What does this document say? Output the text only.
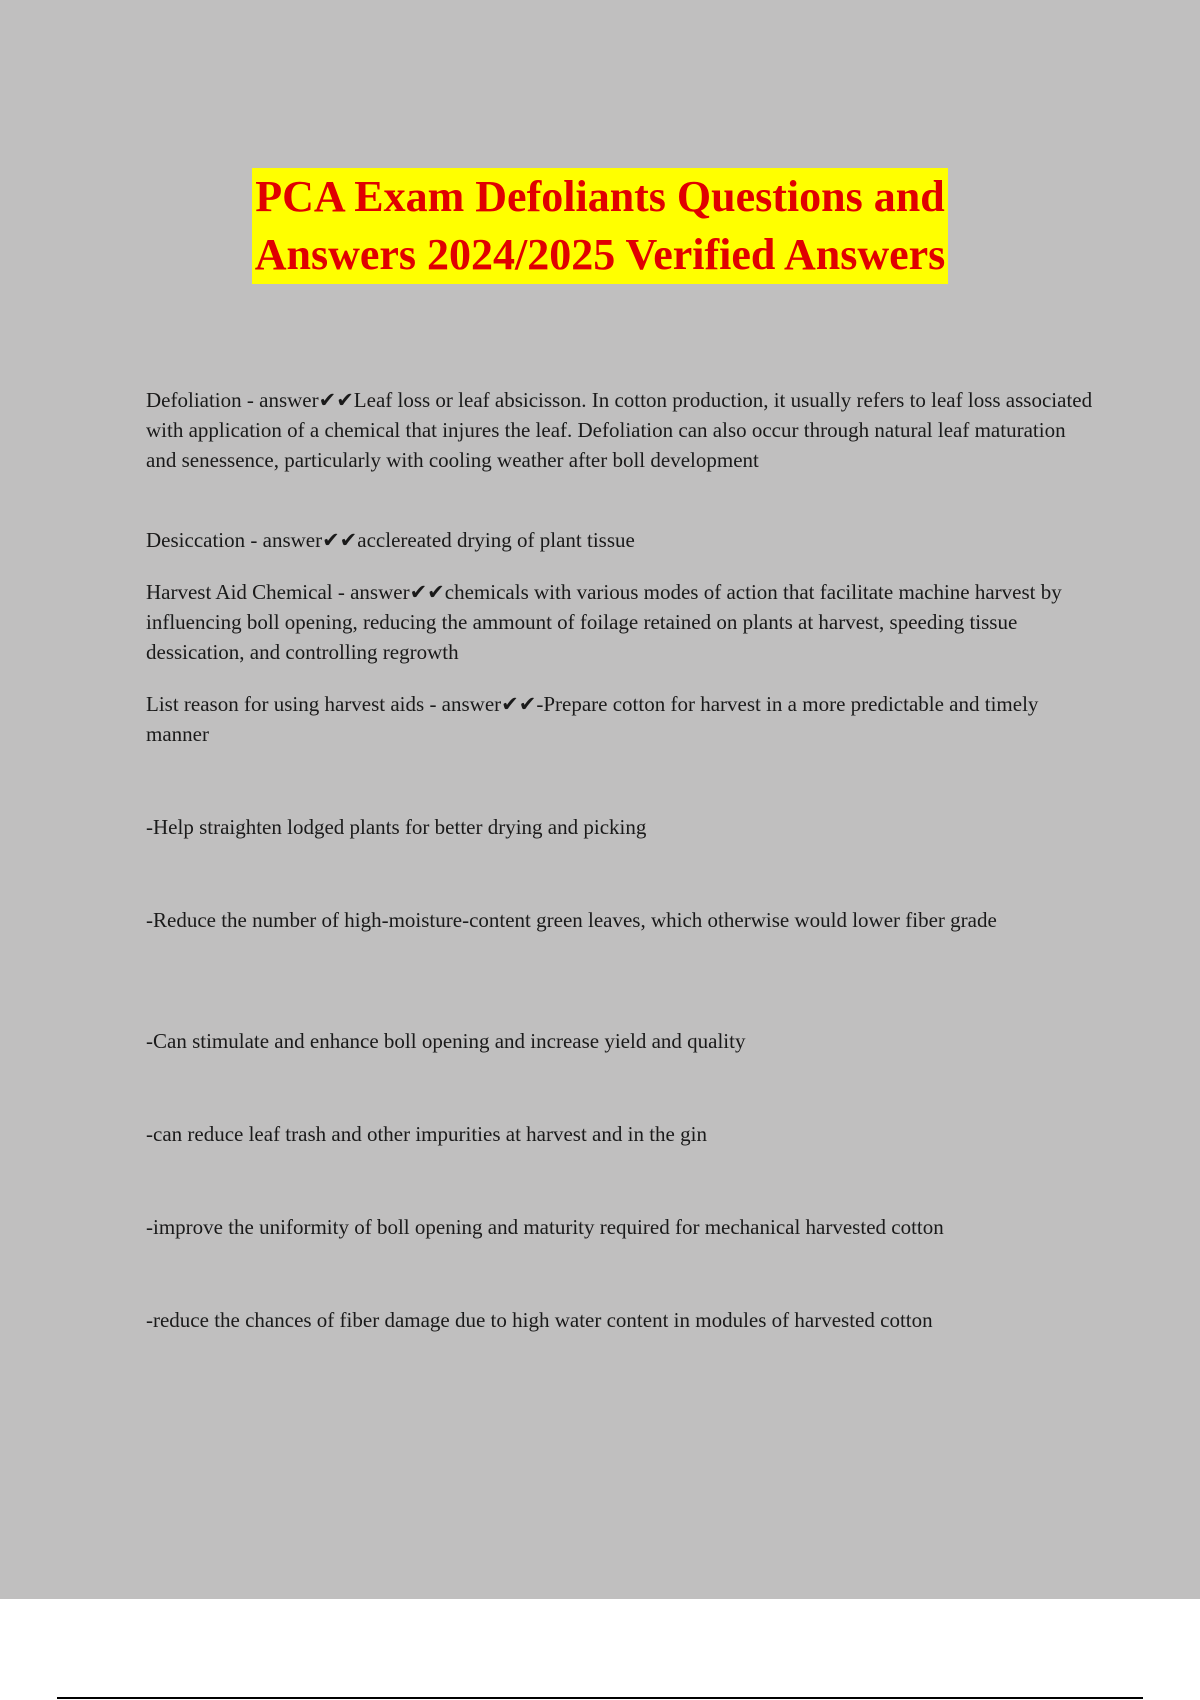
PCA Exam Defoliants Questions and
Answers 2024/2025 Verified Answers

Defoliation - answer✔✔Leaf loss or leaf absicisson. In cotton production, it usually refers to leaf loss associated with application of a chemical that injures the leaf. Defoliation can also occur through natural leaf maturation and senessence, particularly with cooling weather after boll development

Desiccation - answer✔✔acclereated drying of plant tissue

Harvest Aid Chemical - answer✔✔chemicals with various modes of action that facilitate machine harvest by influencing boll opening, reducing the ammount of foilage retained on plants at harvest, speeding tissue dessication, and controlling regrowth

List reason for using harvest aids - answer✔✔-Prepare cotton for harvest in a more predictable and timely manner

-Help straighten lodged plants for better drying and picking

-Reduce the number of high-moisture-content green leaves, which otherwise would lower fiber grade

-Can stimulate and enhance boll opening and increase yield and quality

-can reduce leaf trash and other impurities at harvest and in the gin

-improve the uniformity of boll opening and maturity required for mechanical harvested cotton

-reduce the chances of fiber damage due to high water content in modules of harvested cotton
